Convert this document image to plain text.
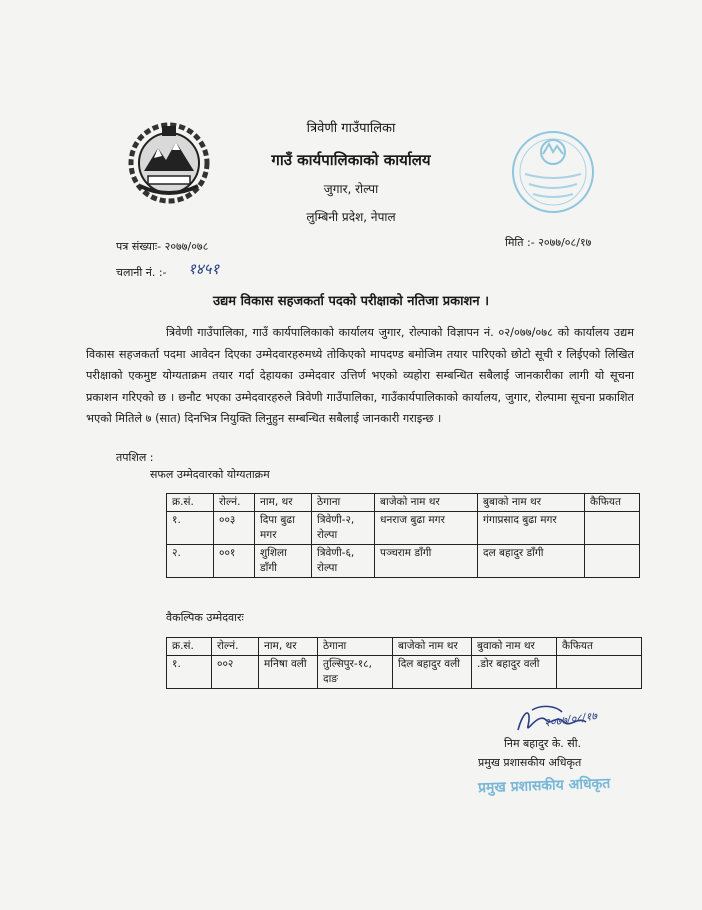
त्रिवेणी गाउँपालिका
गाउँ कार्यपालिकाको कार्यालय
जुगार, रोल्पा
लुम्बिनी प्रदेश, नेपाल
पत्र संख्याः- २०७७/०७८	मिति :- २०७७/०८/१७
चलानी नं. :- १४५१
उद्यम विकास सहजकर्ता पदको परीक्षाको नतिजा प्रकाशन ।
त्रिवेणी गाउँपालिका, गाउँ कार्यपालिकाको कार्यालय जुगार, रोल्पाको विज्ञापन नं. ०२/०७७/०७८ को कार्यालय उद्यम विकास सहजकर्ता पदमा आवेदन दिएका उम्मेदवारहरुमध्ये तोकिएको मापदण्ड बमोजिम तयार पारिएको छोटो सूची र लिईएको लिखित परीक्षाको एकमुष्ट योग्यताक्रम तयार गर्दा देहायका उम्मेदवार उत्तिर्ण भएको व्यहोरा सम्बन्धित सबैलाई जानकारीका लागी यो सूचना प्रकाशन गरिएको छ । छनौट भएका उम्मेदवारहरुले त्रिवेणी गाउँपालिका, गाउँकार्यपालिकाको कार्यालय, जुगार, रोल्पामा सूचना प्रकाशित भएको मितिले ७ (सात) दिनभित्र नियुक्ति लिनुहुन सम्बन्धित सबैलाई जानकारी गराइन्छ ।
तपशिल :
सफल उम्मेदवारको योग्यताक्रम
क्र.सं.	रोल्नं.	नाम, थर	ठेगाना	बाजेको नाम थर	बुबाको नाम थर	कैफियत
१.	००३	दिपा बुढा मगर	त्रिवेणी-२, रोल्पा	धनराज बुढा मगर	गंगाप्रसाद बुढा मगर	
२.	००१	शुशिला डाँगी	त्रिवेणी-६, रोल्पा	पञ्चराम डाँगी	दल बहादुर डाँगी	
वैकल्पिक उम्मेदवारः
क्र.सं.	रोल्नं.	नाम, थर	ठेगाना	बाजेको नाम थर	बुवाको नाम थर	कैफियत
१.	००२	मनिषा वली	तुल्सिपुर-१८, दाङ	दिल बहादुर वली	.डोर बहादुर वली	
२०७७/०८/१७
निम बहादुर के. सी.
प्रमुख प्रशासकीय अधिकृत
प्रमुख प्रशासकीय अधिकृत
